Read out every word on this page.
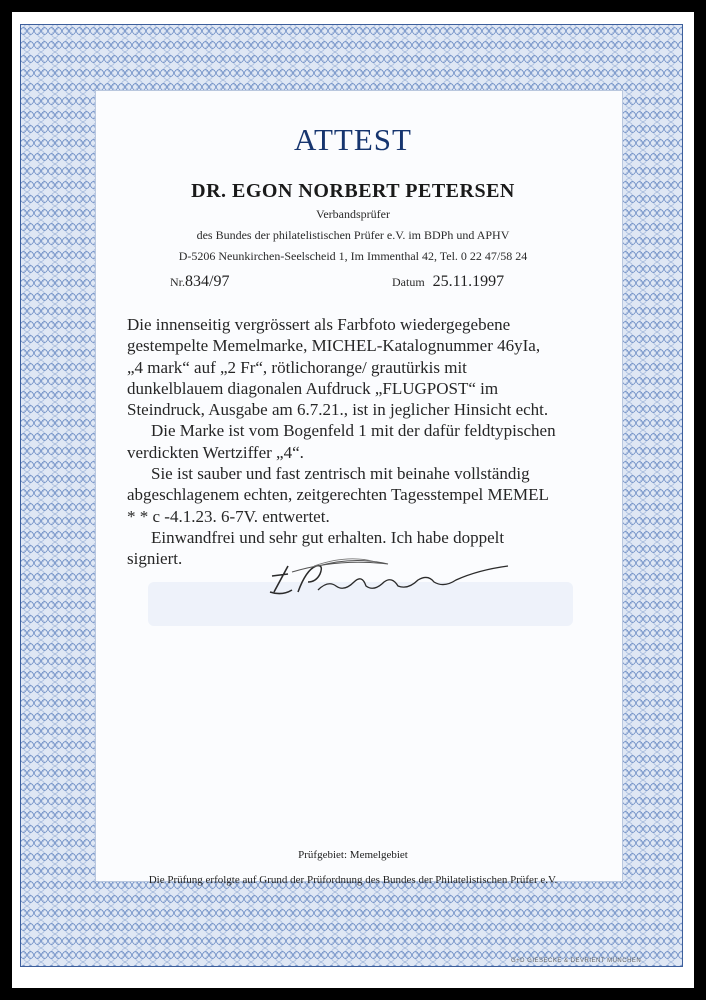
ATTEST
DR. EGON NORBERT PETERSEN
Verbandsprüfer
des Bundes der philatelistischen Prüfer e.V. im BDPh und APHV
D-5206 Neunkirchen-Seelscheid 1, Im Immenthal 42, Tel. 0 22 47/58 24
Nr.834/97	Datum 25.11.1997

Die innenseitig vergrössert als Farbfoto wiedergegebene

gestempelte Memelmarke, MICHEL-Katalognummer 46yIa,

„4 mark“ auf „2 Fr“, rötlichorange/ grautürkis mit

dunkelblauem diagonalen Aufdruck „FLUGPOST“ im

Steindruck, Ausgabe am 6.7.21., ist in jeglicher Hinsicht echt.

Die Marke ist vom Bogenfeld 1 mit der dafür feldtypischen

verdickten Wertziffer „4“.

Sie ist sauber und fast zentrisch mit beinahe vollständig

abgeschlagenem echten, zeitgerechten Tagesstempel MEMEL

* * c -4.1.23. 6-7V. entwertet.

Einwandfrei und sehr gut erhalten. Ich habe doppelt

signiert.

Prüfgebiet: Memelgebiet
Die Prüfung erfolgte auf Grund der Prüfordnung des Bundes der Philatelistischen Prüfer e.V.
G+D GIESECKE & DEVRIENT MÜNCHEN
